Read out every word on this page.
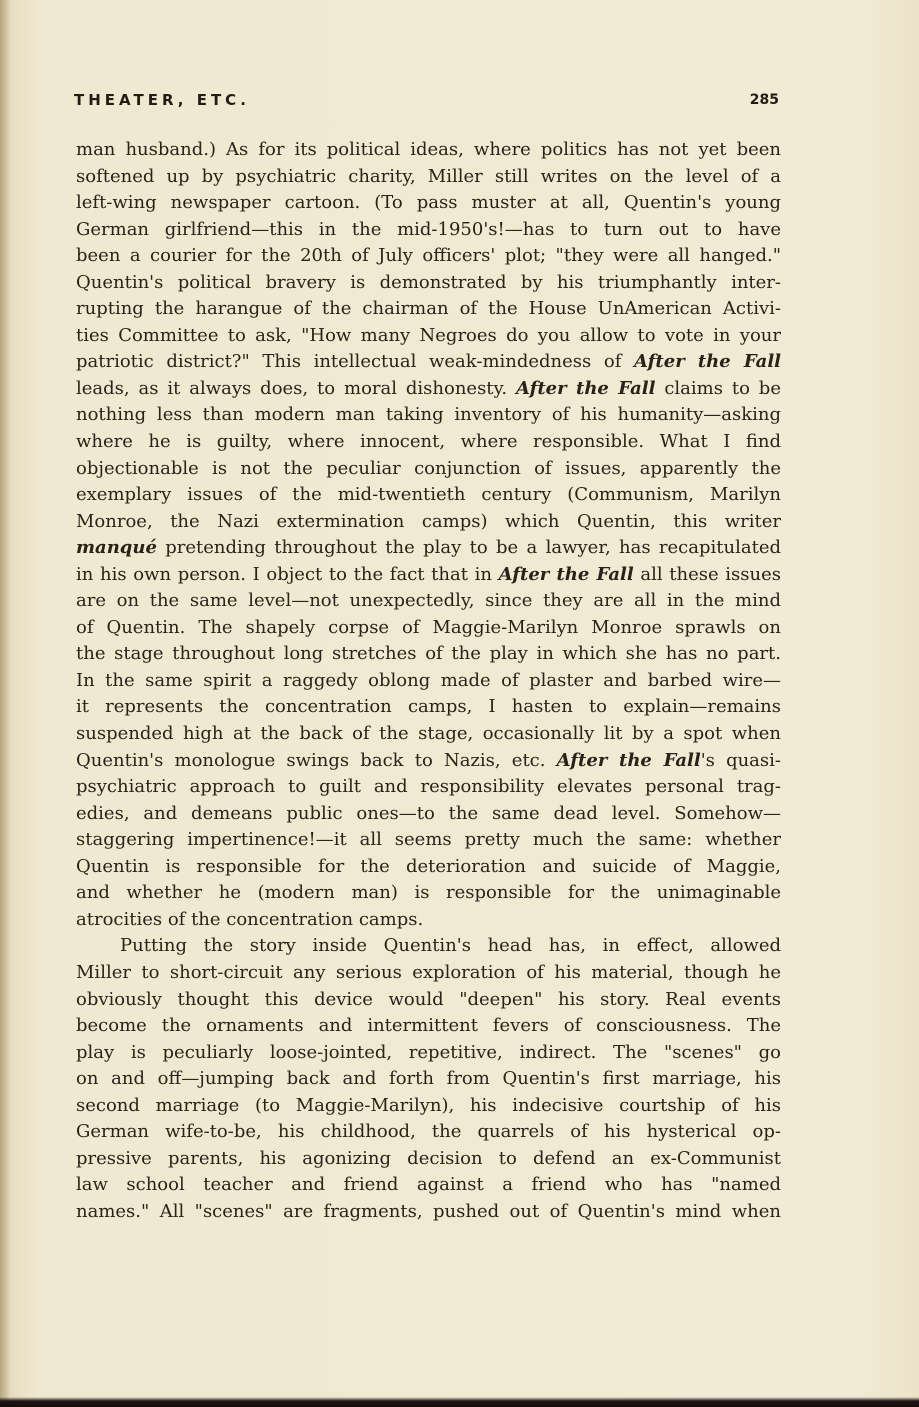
THEATER, ETC.	285
man husband.) As for its political ideas, where politics has not yet been
softened up by psychiatric charity, Miller still writes on the level of a
left-wing newspaper cartoon. (To pass muster at all, Quentin's young
German girlfriend—this in the mid-1950's!—has to turn out to have
been a courier for the 20th of July officers' plot; "they were all hanged."
Quentin's political bravery is demonstrated by his triumphantly inter-
rupting the harangue of the chairman of the House UnAmerican Activi-
ties Committee to ask, "How many Negroes do you allow to vote in your
patriotic district?" This intellectual weak-mindedness of After the Fall
leads, as it always does, to moral dishonesty. After the Fall claims to be
nothing less than modern man taking inventory of his humanity—asking
where he is guilty, where innocent, where responsible. What I find
objectionable is not the peculiar conjunction of issues, apparently the
exemplary issues of the mid-twentieth century (Communism, Marilyn
Monroe, the Nazi extermination camps) which Quentin, this writer
manqué pretending throughout the play to be a lawyer, has recapitulated
in his own person. I object to the fact that in After the Fall all these issues
are on the same level—not unexpectedly, since they are all in the mind
of Quentin. The shapely corpse of Maggie-Marilyn Monroe sprawls on
the stage throughout long stretches of the play in which she has no part.
In the same spirit a raggedy oblong made of plaster and barbed wire—
it represents the concentration camps, I hasten to explain—remains
suspended high at the back of the stage, occasionally lit by a spot when
Quentin's monologue swings back to Nazis, etc. After the Fall's quasi-
psychiatric approach to guilt and responsibility elevates personal trag-
edies, and demeans public ones—to the same dead level. Somehow—
staggering impertinence!—it all seems pretty much the same: whether
Quentin is responsible for the deterioration and suicide of Maggie,
and whether he (modern man) is responsible for the unimaginable
atrocities of the concentration camps.
Putting the story inside Quentin's head has, in effect, allowed
Miller to short-circuit any serious exploration of his material, though he
obviously thought this device would "deepen" his story. Real events
become the ornaments and intermittent fevers of consciousness. The
play is peculiarly loose-jointed, repetitive, indirect. The "scenes" go
on and off—jumping back and forth from Quentin's first marriage, his
second marriage (to Maggie-Marilyn), his indecisive courtship of his
German wife-to-be, his childhood, the quarrels of his hysterical op-
pressive parents, his agonizing decision to defend an ex-Communist
law school teacher and friend against a friend who has "named
names." All "scenes" are fragments, pushed out of Quentin's mind when
